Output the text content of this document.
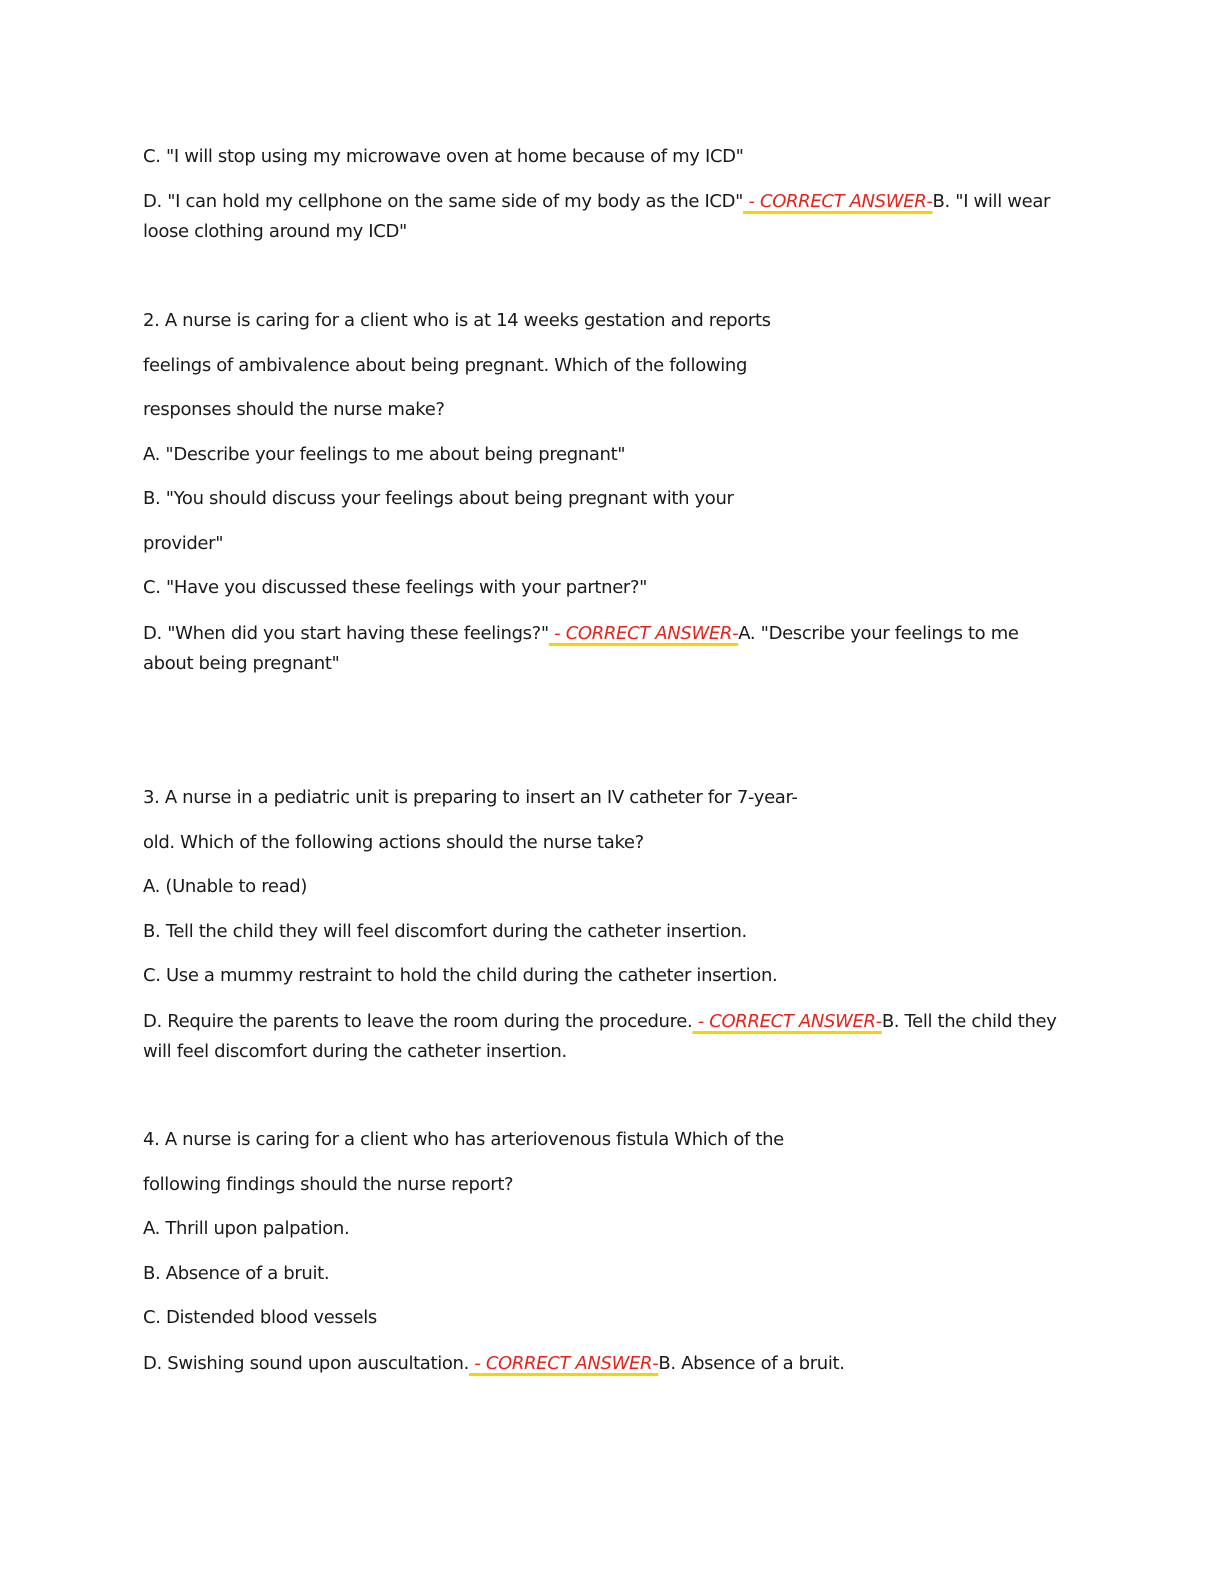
C. "I will stop using my microwave oven at home because of my ICD"

D. "I can hold my cellphone on the same side of my body as the ICD" - CORRECT ANSWER-B. "I will wear loose clothing around my ICD"

2. A nurse is caring for a client who is at 14 weeks gestation and reports

feelings of ambivalence about being pregnant. Which of the following

responses should the nurse make?

A. "Describe your feelings to me about being pregnant"

B. "You should discuss your feelings about being pregnant with your

provider"

C. "Have you discussed these feelings with your partner?"

D. "When did you start having these feelings?" - CORRECT ANSWER-A. "Describe your feelings to me about being pregnant"

3. A nurse in a pediatric unit is preparing to insert an IV catheter for 7-year-

old. Which of the following actions should the nurse take?

A. (Unable to read)

B. Tell the child they will feel discomfort during the catheter insertion.

C. Use a mummy restraint to hold the child during the catheter insertion.

D. Require the parents to leave the room during the procedure. - CORRECT ANSWER-B. Tell the child they will feel discomfort during the catheter insertion.

4. A nurse is caring for a client who has arteriovenous fistula Which of the

following findings should the nurse report?

A. Thrill upon palpation.

B. Absence of a bruit.

C. Distended blood vessels

D. Swishing sound upon auscultation. - CORRECT ANSWER-B. Absence of a bruit.
